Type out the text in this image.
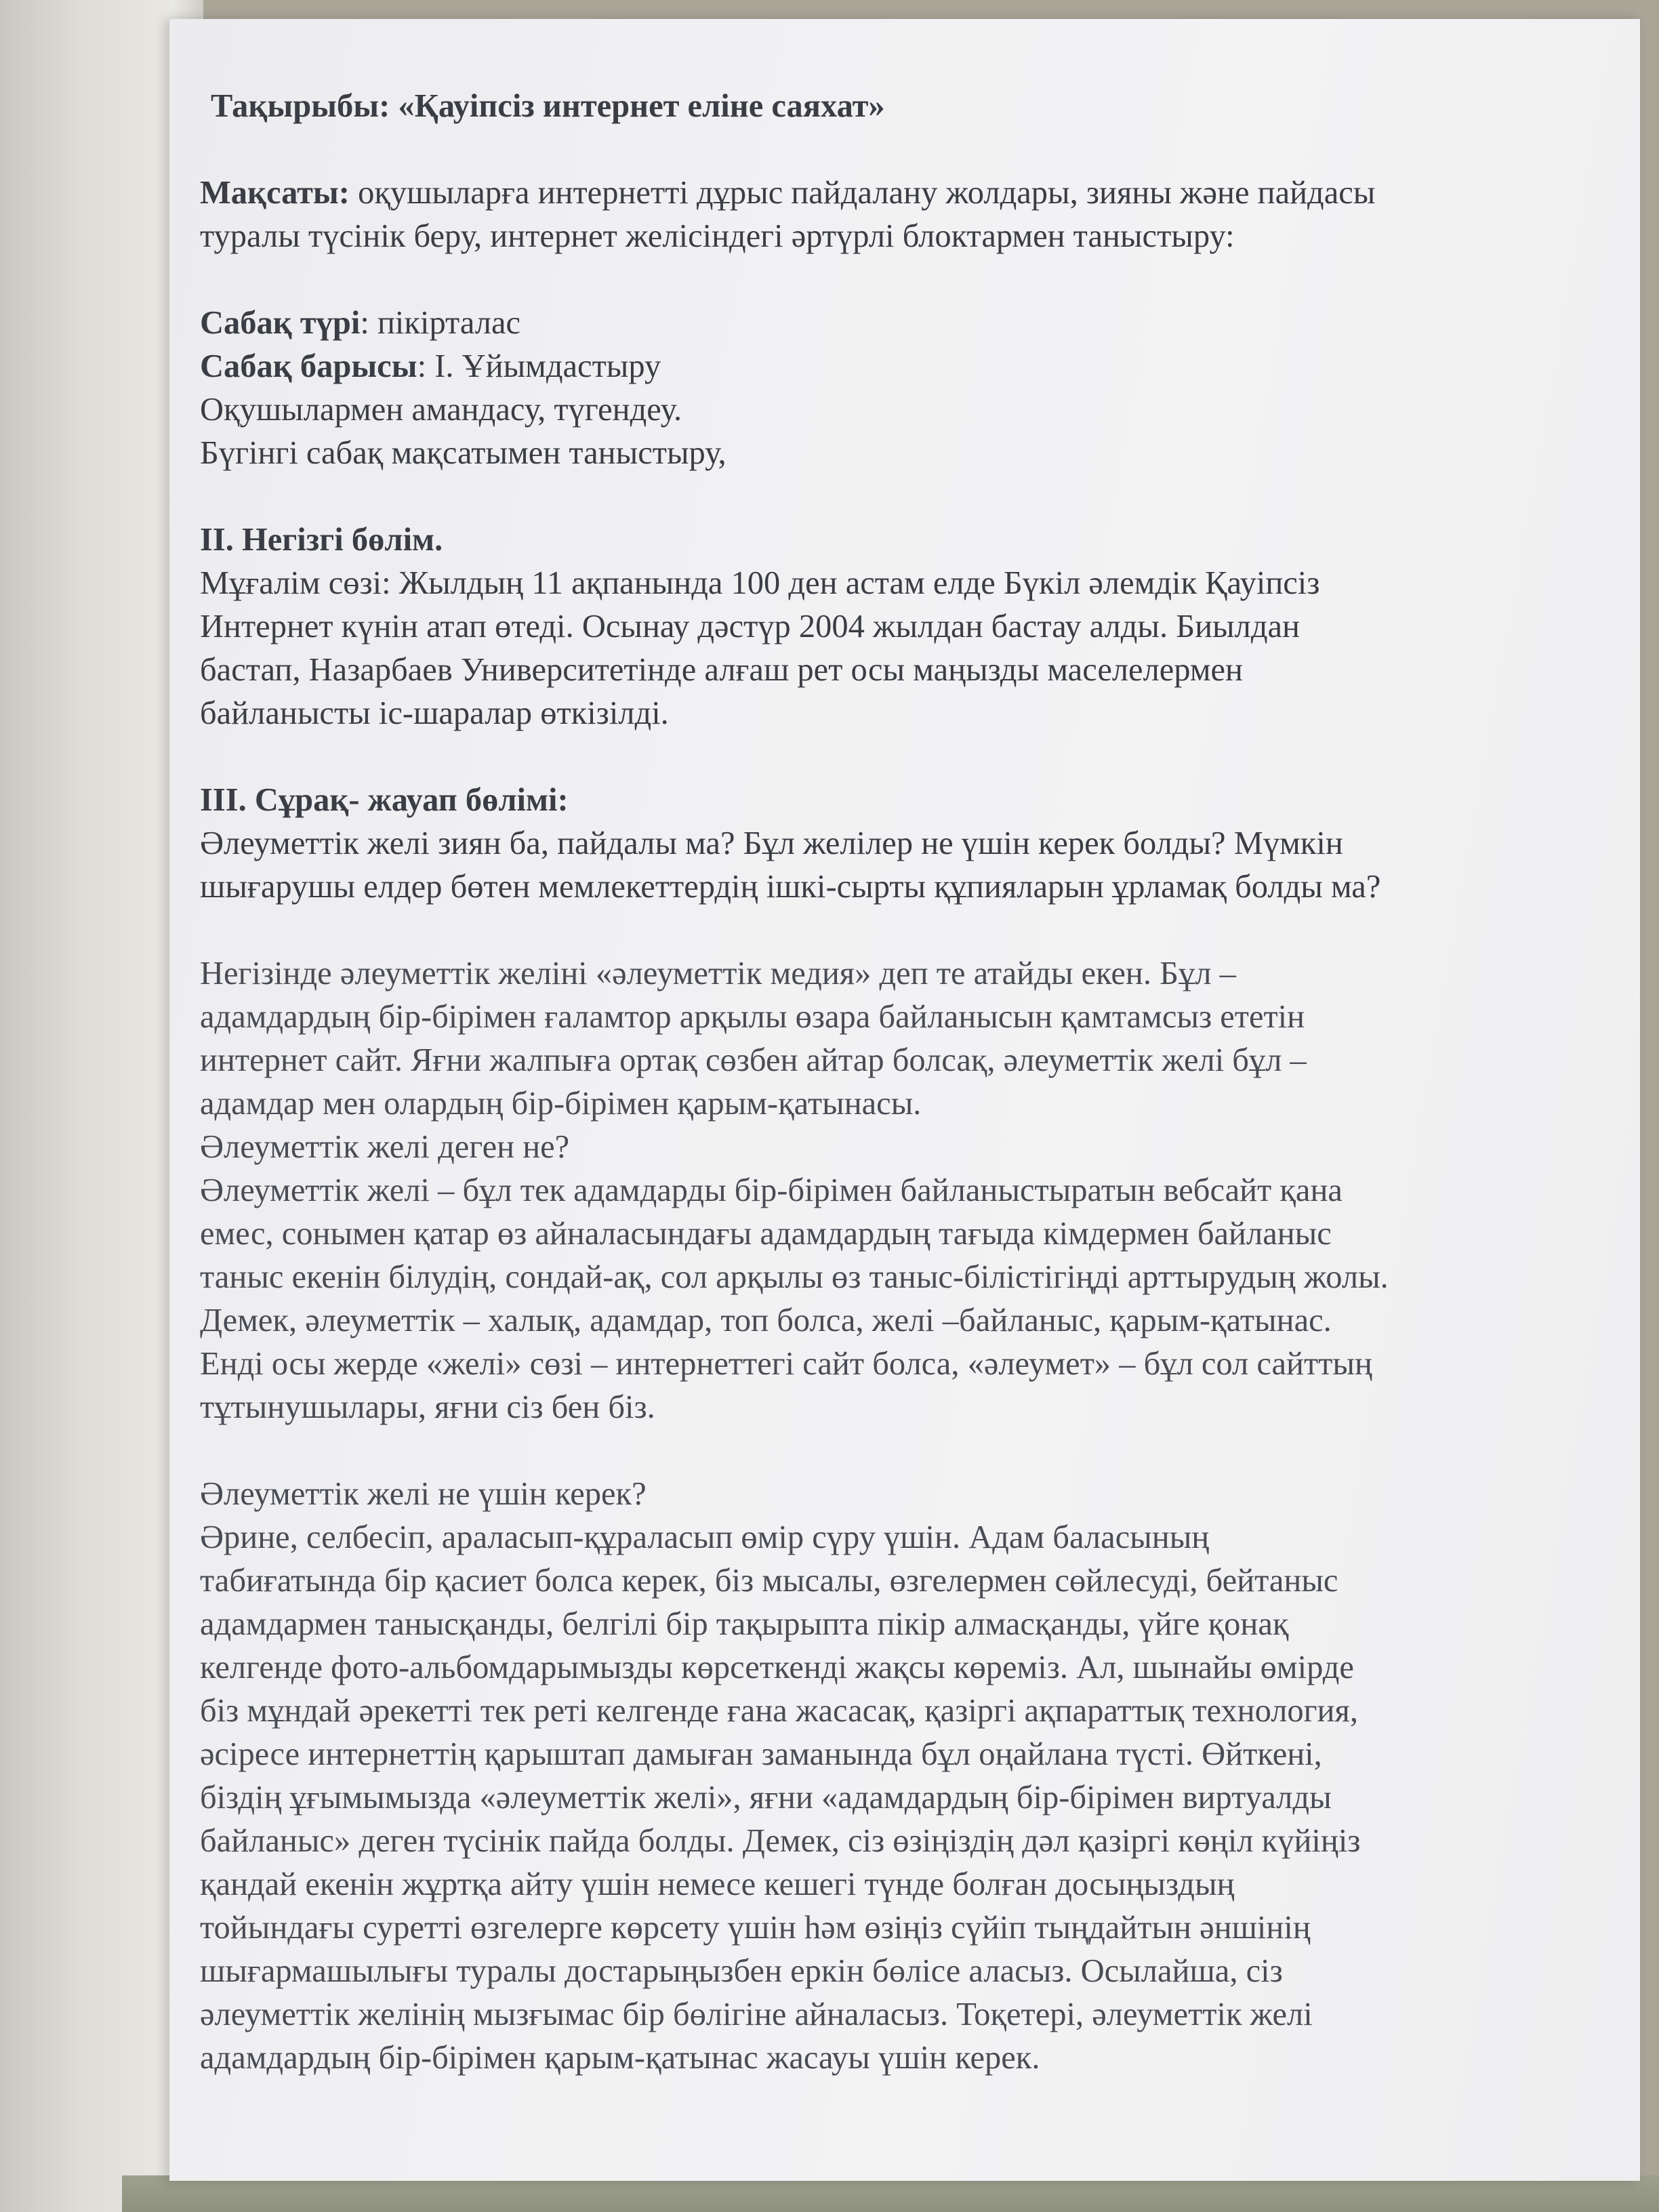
Тақырыбы: «Қауіпсіз интернет еліне саяхат»

Мақсаты: оқушыларға интернетті дұрыс пайдалану жолдары, зияны және пайдасы

туралы түсінік беру, интернет желісіндегі әртүрлі блоктармен таныстыру:

Сабақ түрі: пікірталас

Сабақ барысы: І. Ұйымдастыру

Оқушылармен амандасу, түгендеу.

Бүгінгі сабақ мақсатымен таныстыру,

ІІ. Негізгі бөлім.

Мұғалім сөзі: Жылдың 11 ақпанында 100 ден астам елде Бүкіл әлемдік Қауіпсіз
Интернет күнін атап өтеді. Осынау дәстүр 2004 жылдан бастау алды. Биылдан
бастап, Назарбаев Университетінде алғаш рет осы маңызды маселелермен
байланысты іс-шаралар өткізілді.

ІІІ. Сұрақ- жауап бөлімі:

Әлеуметтік желі зиян ба, пайдалы ма? Бұл желілер не үшін керек болды? Мүмкін
шығарушы елдер бөтен мемлекеттердің ішкі-сырты құпияларын ұрламақ болды ма?
Негізінде әлеуметтік желіні «әлеуметтік медия» деп те атайды екен. Бұл –
адамдардың бір-бірімен ғаламтор арқылы өзара байланысын қамтамсыз ететін
интернет сайт. Яғни жалпыға ортақ сөзбен айтар болсақ, әлеуметтік желі бұл –
адамдар мен олардың бір-бірімен қарым-қатынасы.
Әлеуметтік желі деген не?
Әлеуметтік желі – бұл тек адамдарды бір-бірімен байланыстыратын вебсайт қана
емес, сонымен қатар өз айналасындағы адамдардың тағыда кімдермен байланыс
таныс екенін білудің, сондай-ақ, сол арқылы өз таныс-білістігіңді арттырудың жолы.
Демек, әлеуметтік – халық, адамдар, топ болса, желі –байланыс, қарым-қатынас.
Енді осы жерде «желі» сөзі – интернеттегі сайт болса, «әлеумет» – бұл сол сайттың
тұтынушылары, яғни сіз бен біз.
Әлеуметтік желі не үшін керек?
Әрине, селбесіп, араласып-құраласып өмір сүру үшін. Адам баласының
табиғатында бір қасиет болса керек, біз мысалы, өзгелермен сөйлесуді, бейтаныс
адамдармен танысқанды, белгілі бір тақырыпта пікір алмасқанды, үйге қонақ
келгенде фото-альбомдарымызды көрсеткенді жақсы көреміз. Ал, шынайы өмірде
біз мұндай әрекетті тек реті келгенде ғана жасасақ, қазіргі ақпараттық технология,
әсіресе интернеттің қарыштап дамыған заманында бұл оңайлана түсті. Өйткені,
біздің ұғымымызда «әлеуметтік желі», яғни «адамдардың бір-бірімен виртуалды
байланыс» деген түсінік пайда болды. Демек, сіз өзіңіздің дәл қазіргі көңіл күйіңіз
қандай екенін жұртқа айту үшін немесе кешегі түнде болған досыңыздың
тойындағы суретті өзгелерге көрсету үшін һәм өзіңіз сүйіп тыңдайтын әншінің
шығармашылығы туралы достарыңызбен еркін бөлісе аласыз. Осылайша, сіз
әлеуметтік желінің мызғымас бір бөлігіне айналасыз. Тоқетері, әлеуметтік желі
адамдардың бір-бірімен қарым-қатынас жасауы үшін керек.
